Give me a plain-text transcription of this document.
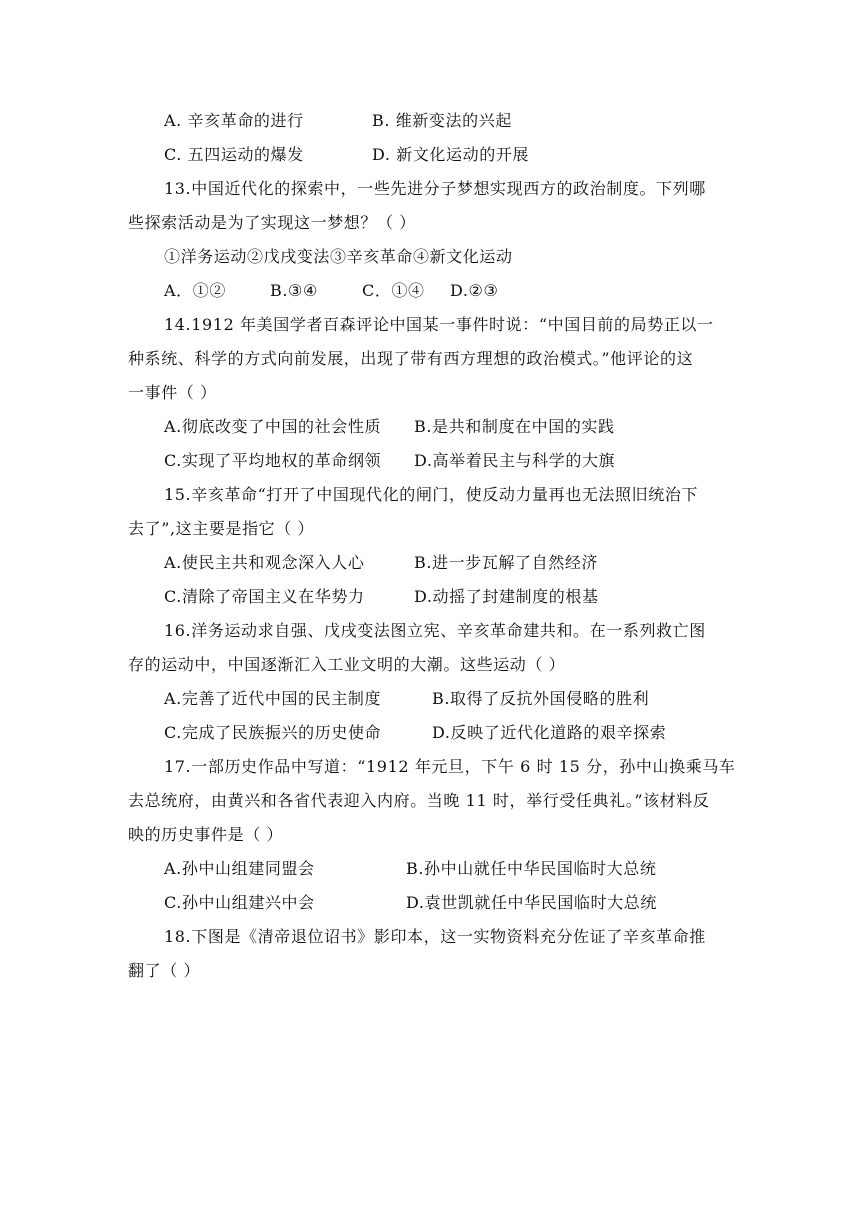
A. 辛亥革命的进行	B. 维新变法的兴起
C. 五四运动的爆发	D. 新文化运动的开展
13.中国近代化的探索中，一些先进分子梦想实现西方的政治制度。下列哪
些探索活动是为了实现这一梦想？（ ）
①洋务运动②戊戌变法③辛亥革命④新文化运动
A．①②	B.③④	C．①④ D.②③
14.1912 年美国学者百森评论中国某一事件时说：“中国目前的局势正以一
种系统、科学的方式向前发展，出现了带有西方理想的政治模式。”他评论的这
一事件（ ）
A.彻底改变了中国的社会性质 B.是共和制度在中国的实践
C.实现了平均地权的革命纲领 D.高举着民主与科学的大旗
15.辛亥革命“打开了中国现代化的闸门，使反动力量再也无法照旧统治下
去了”,这主要是指它（ ）
A.使民主共和观念深入人心	B.进一步瓦解了自然经济
C.清除了帝国主义在华势力	D.动摇了封建制度的根基
16.洋务运动求自强、戊戌变法图立宪、辛亥革命建共和。在一系列救亡图
存的运动中，中国逐渐汇入工业文明的大潮。这些运动（ ）
A.完善了近代中国的民主制度	B.取得了反抗外国侵略的胜利
C.完成了民族振兴的历史使命	D.反映了近代化道路的艰辛探索
17.一部历史作品中写道：“1912 年元旦，下午 6 时 15 分，孙中山换乘马车
去总统府，由黄兴和各省代表迎入内府。当晚 11 时，举行受任典礼。”该材料反
映的历史事件是（ ）
A.孙中山组建同盟会	B.孙中山就任中华民国临时大总统
C.孙中山组建兴中会	D.袁世凯就任中华民国临时大总统
18.下图是《清帝退位诏书》影印本，这一实物资料充分佐证了辛亥革命推
翻了（ ）
